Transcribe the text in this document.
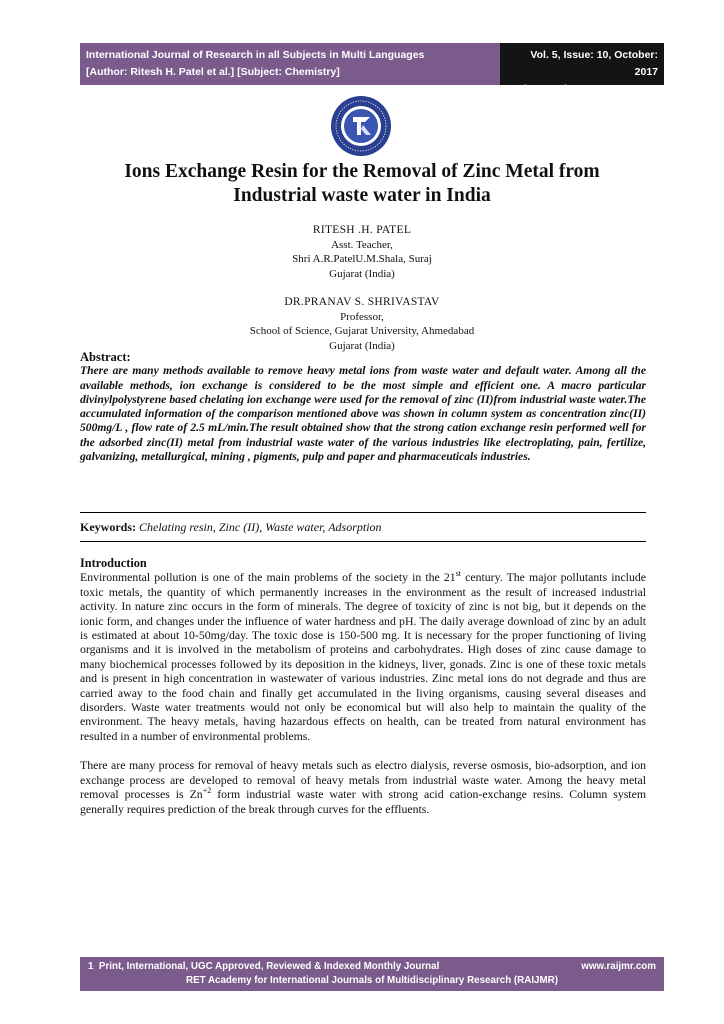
International Journal of Research in all Subjects in Multi Languages
[Author: Ritesh H. Patel et al.] [Subject: Chemistry]
Vol. 5, Issue: 10, October: 2017
(IJRSML) ISSN: 2321 - 2853
Ions Exchange Resin for the Removal of Zinc Metal from
Industrial waste water in India
RITESH .H. PATEL
Asst. Teacher,
Shri A.R.PatelU.M.Shala, Suraj
Gujarat (India)
DR.PRANAV S. SHRIVASTAV
Professor,
School of Science, Gujarat University, Ahmedabad
Gujarat (India)
Abstract:
There are many methods available to remove heavy metal ions from waste water and default water. Among all the available methods, ion exchange is considered to be the most simple and efficient one. A macro particular divinylpolystyrene based chelating ion exchange were used for the removal of zinc (II)from industrial waste water.The accumulated information of the comparison mentioned above was shown in column system as concentration zinc(II) 500mg/L , flow rate of 2.5 mL/min.The result obtained show that the strong cation exchange resin performed well for the adsorbed zinc(II) metal from industrial waste water of the various industries like electroplating, pain, fertilize, galvanizing, metallurgical, mining , pigments, pulp and paper and pharmaceuticals industries.
Keywords: Chelating resin, Zinc (II), Waste water, Adsorption
Introduction

Environmental pollution is one of the main problems of the society in the 21st century. The major pollutants include toxic metals, the quantity of which permanently increases in the environment as the result of increased industrial activity. In nature zinc occurs in the form of minerals. The degree of toxicity of zinc is not big, but it depends on the ionic form, and changes under the influence of water hardness and pH. The daily average download of zinc by an adult is estimated at about 10-50mg/day. The toxic dose is 150-500 mg. It is necessary for the proper functioning of living organisms and it is involved in the metabolism of proteins and carbohydrates. High doses of zinc cause damage to many biochemical processes followed by its deposition in the kidneys, liver, gonads. Zinc is one of these toxic metals and is present in high concentration in wastewater of various industries. Zinc metal ions do not degrade and thus are carried away to the food chain and finally get accumulated in the living organisms, causing several diseases and disorders. Waste water treatments would not only be economical but will also help to maintain the quality of the environment. The heavy metals, having hazardous effects on health, can be treated from natural environment has resulted in a number of environmental problems.

There are many process for removal of heavy metals such as electro dialysis, reverse osmosis, bio-adsorption, and ion exchange process are developed to removal of heavy metals from industrial waste water. Among the heavy metal removal processes is $Zn^{+2}$ form industrial waste water with strong acid cation-exchange resins. Column system generally requires prediction of the break through curves for the effluents.

1 Print, International, UGC Approved, Reviewed & Indexed Monthly Journal	www.raijmr.com
RET Academy for International Journals of Multidisciplinary Research (RAIJMR)
